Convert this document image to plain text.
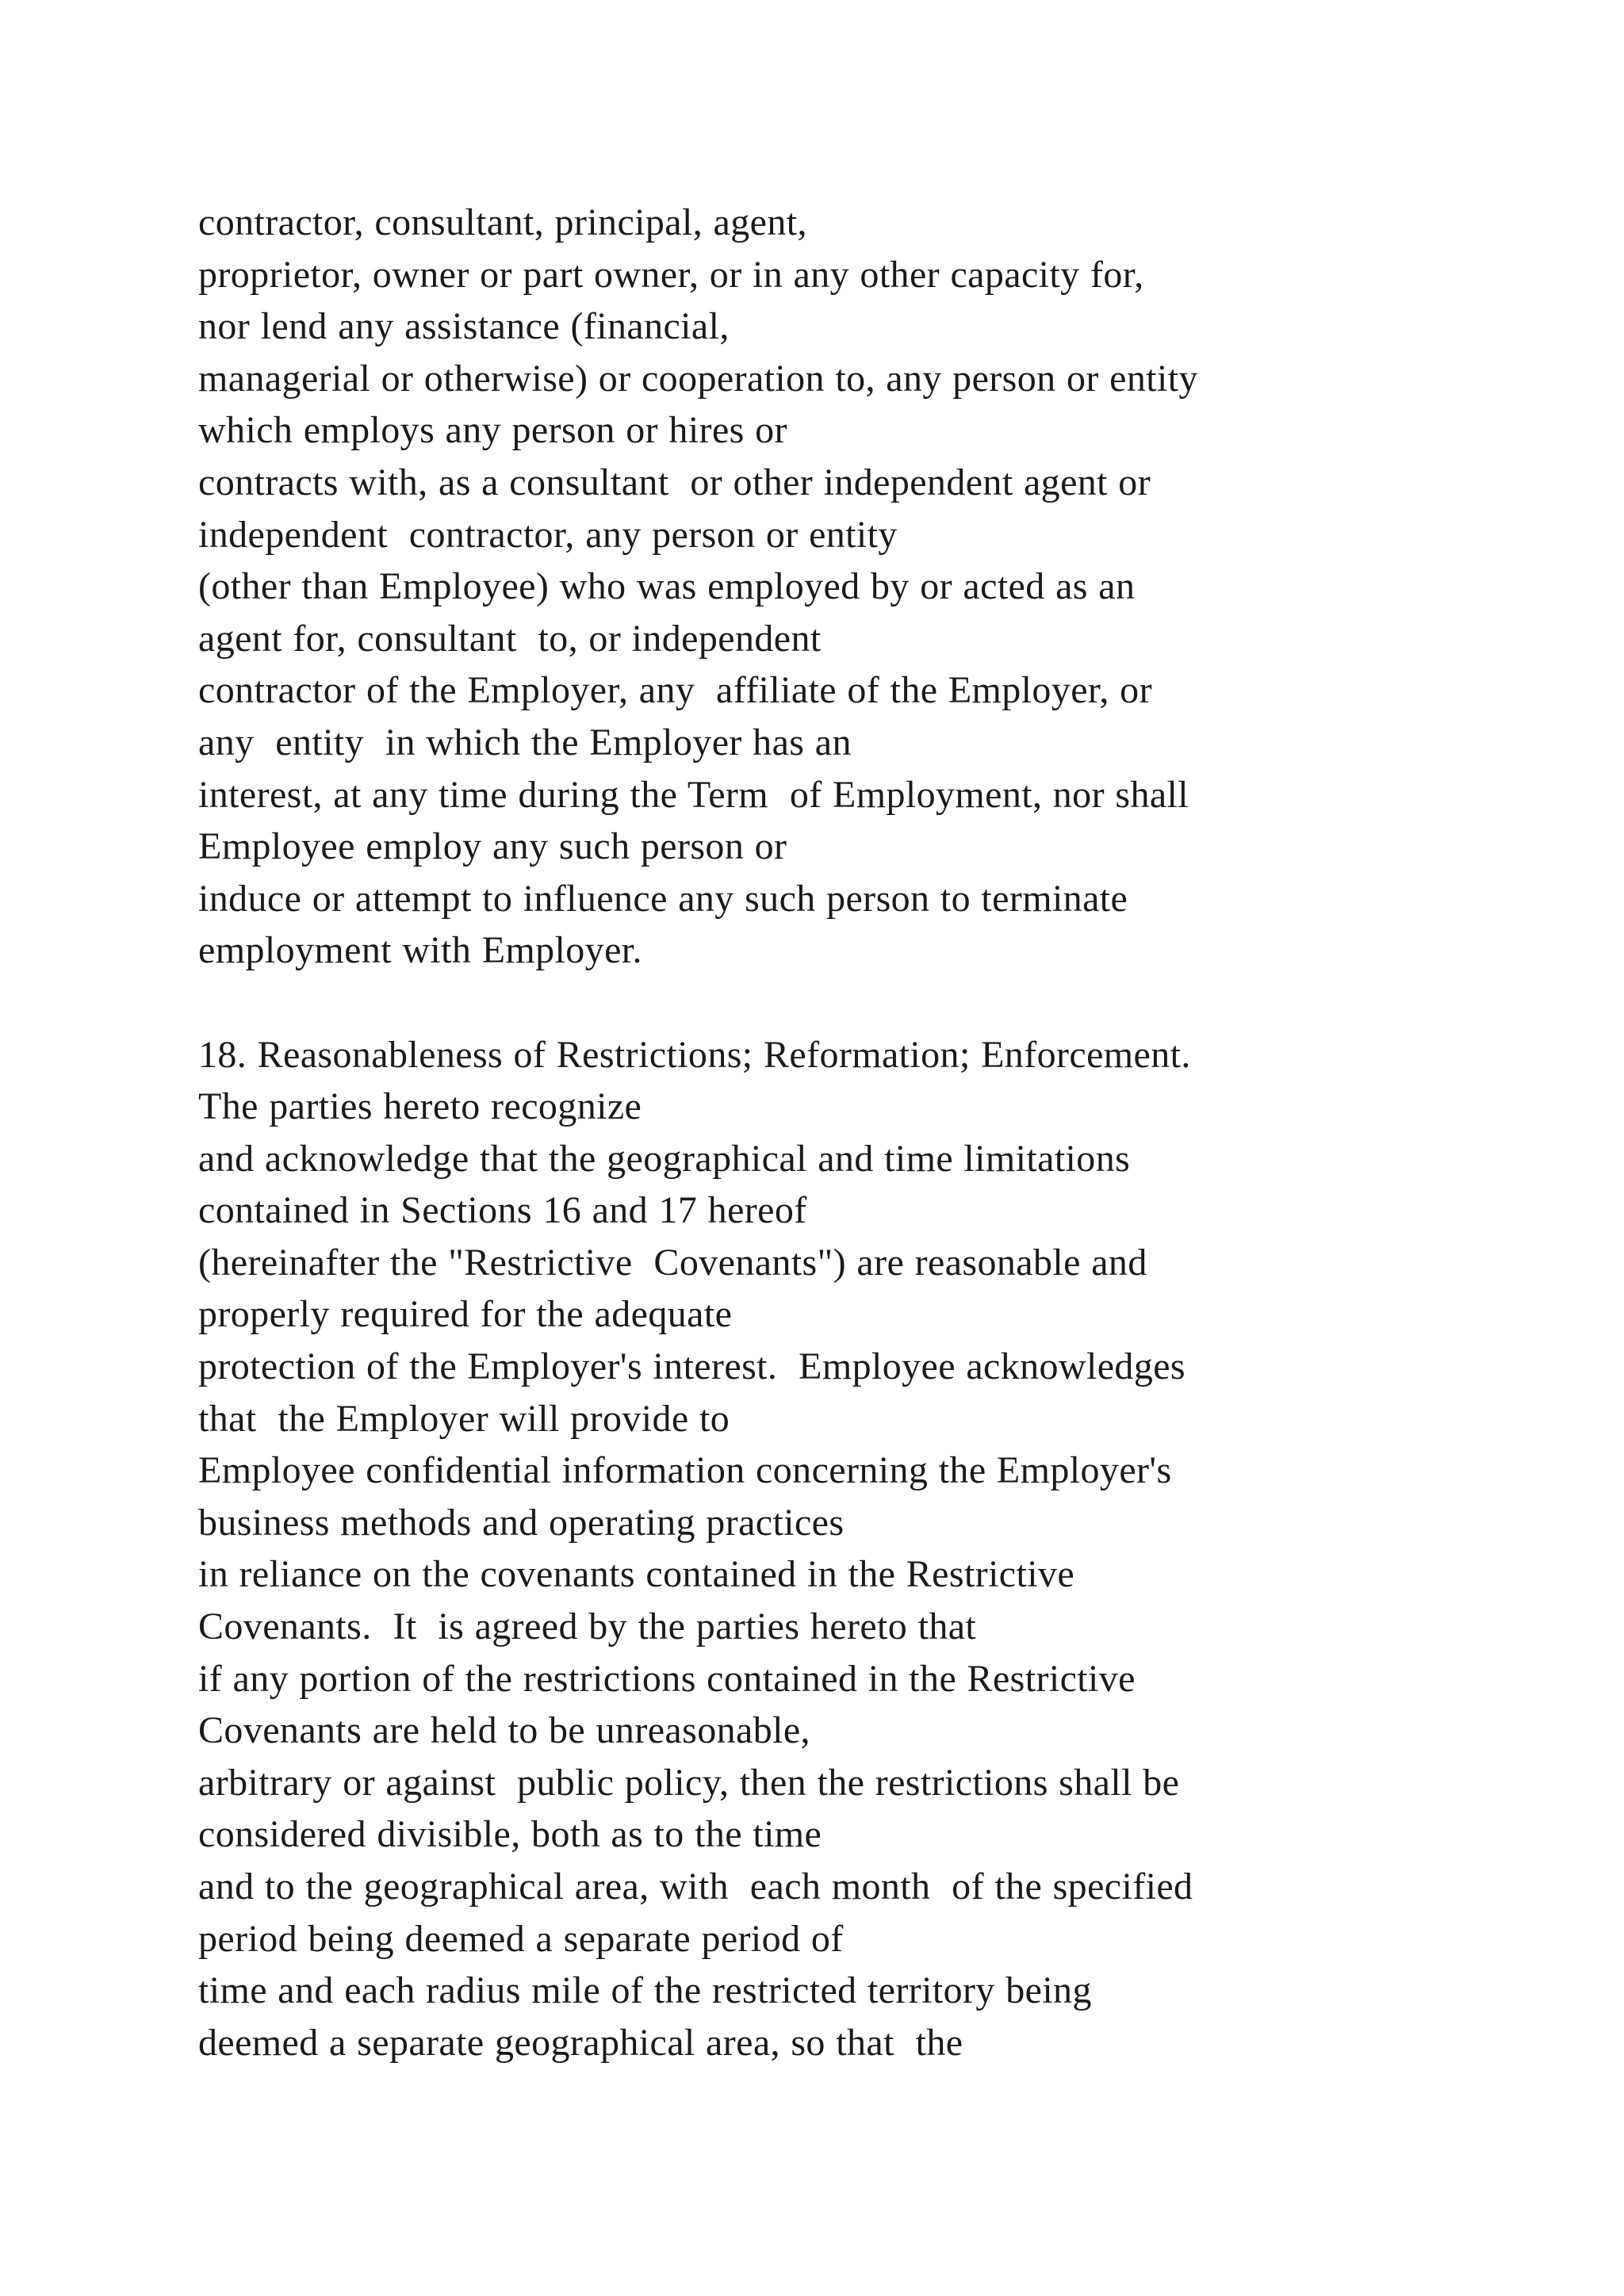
contractor, consultant, principal, agent,
proprietor, owner or part owner, or in any other capacity for,
nor lend any assistance (financial,
managerial or otherwise) or cooperation to, any person or entity
which employs any person or hires or
contracts with, as a consultant  or other independent agent or
independent  contractor, any person or entity
(other than Employee) who was employed by or acted as an
agent for, consultant  to, or independent
contractor of the Employer, any  affiliate of the Employer, or
any  entity  in which the Employer has an
interest, at any time during the Term  of Employment, nor shall
Employee employ any such person or
induce or attempt to influence any such person to terminate
employment with Employer.
18. Reasonableness of Restrictions; Reformation; Enforcement.
The parties hereto recognize
and acknowledge that the geographical and time limitations
contained in Sections 16 and 17 hereof
(hereinafter the "Restrictive  Covenants") are reasonable and
properly required for the adequate
protection of the Employer's interest.  Employee acknowledges
that  the Employer will provide to
Employee confidential information concerning the Employer's
business methods and operating practices
in reliance on the covenants contained in the Restrictive
Covenants.  It  is agreed by the parties hereto that
if any portion of the restrictions contained in the Restrictive
Covenants are held to be unreasonable,
arbitrary or against  public policy, then the restrictions shall be
considered divisible, both as to the time
and to the geographical area, with  each month  of the specified
period being deemed a separate period of
time and each radius mile of the restricted territory being
deemed a separate geographical area, so that  the
